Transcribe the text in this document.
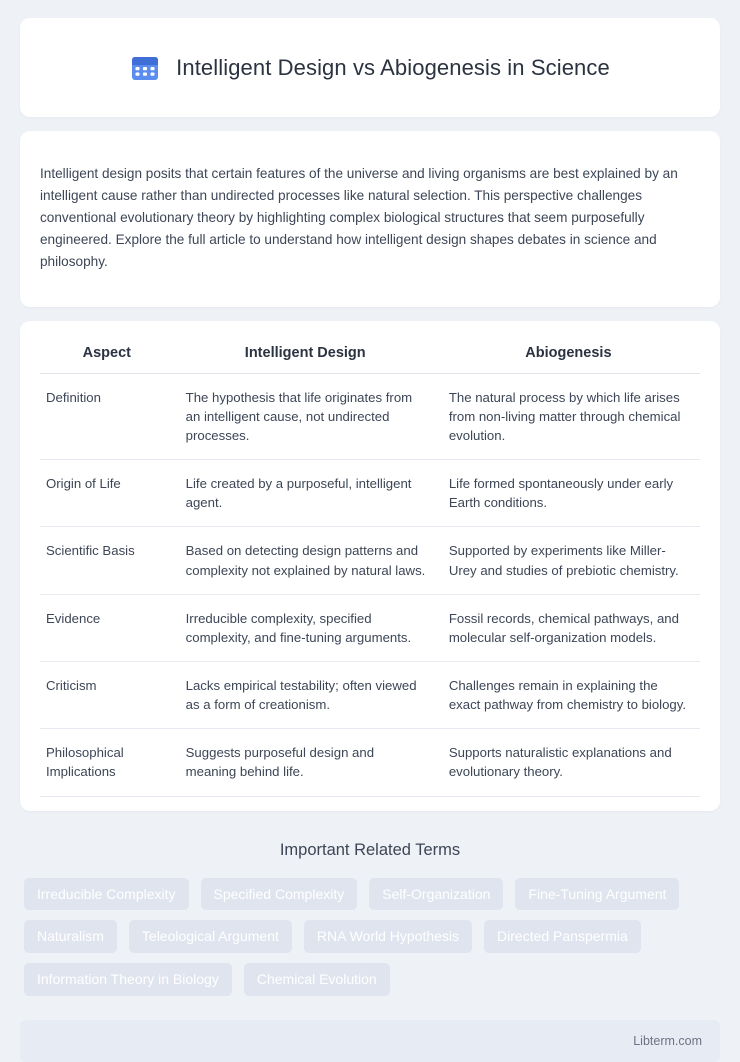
Intelligent Design vs Abiogenesis in Science

Intelligent design posits that certain features of the universe and living organisms are best explained by an intelligent cause rather than undirected processes like natural selection. This perspective challenges conventional evolutionary theory by highlighting complex biological structures that seem purposefully engineered. Explore the full article to understand how intelligent design shapes debates in science and philosophy.

Aspect	Intelligent Design	Abiogenesis
Definition	The hypothesis that life originates from an intelligent cause, not undirected processes.	The natural process by which life arises from non-living matter through chemical evolution.
Origin of Life	Life created by a purposeful, intelligent agent.	Life formed spontaneously under early Earth conditions.
Scientific Basis	Based on detecting design patterns and complexity not explained by natural laws.	Supported by experiments like Miller-Urey and studies of prebiotic chemistry.
Evidence	Irreducible complexity, specified complexity, and fine-tuning arguments.	Fossil records, chemical pathways, and molecular self-organization models.
Criticism	Lacks empirical testability; often viewed as a form of creationism.	Challenges remain in explaining the exact pathway from chemistry to biology.
Philosophical Implications	Suggests purposeful design and meaning behind life.	Supports naturalistic explanations and evolutionary theory.
Important Related Terms
Irreducible Complexity	Specified Complexity	Self-Organization	Fine-Tuning Argument
Naturalism	Teleological Argument	RNA World Hypothesis	Directed Panspermia
Information Theory in Biology	Chemical Evolution
Libterm.com
